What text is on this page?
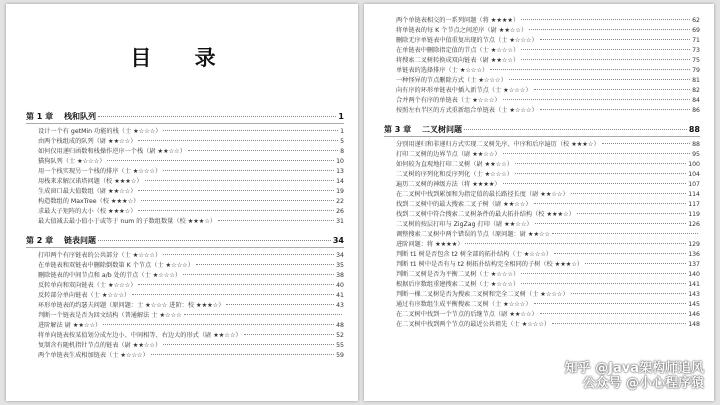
目 录
第 1 章	栈和队列	1
设计一个有 getMin 功能的栈（士 ★☆☆☆）	1
由两个栈组成的队列（尉 ★★☆☆）	5
如何仅用递归函数和栈操作逆序一个栈（尉 ★★☆☆）	8
猫狗队列（士 ★☆☆☆）	10
用一个栈实现另一个栈的排序（士 ★☆☆☆）	13
用栈来求解汉诺塔问题（校 ★★★☆）	14
生成窗口最大值数组（尉 ★★☆☆）	19
构造数组的 MaxTree（校 ★★★☆）	22
求最大子矩阵的大小（校 ★★★☆）	26
最大值减去最小值小于或等于 num 的子数组数量（校 ★★★☆）	31
第 2 章	链表问题	34
打印两个有序链表的公共部分（士 ★☆☆☆）	34
在单链表和双链表中删除倒数第 K 个节点（士 ★☆☆☆）	35
删除链表的中间节点和 a/b 处的节点（士 ★☆☆☆）	38
反转单向和双向链表（士 ★☆☆☆）	40
反转部分单向链表（士 ★☆☆☆）	41
环形单链表的约瑟夫问题（原问题：士 ★☆☆☆ 进阶：校 ★★★☆）	43
判断一个链表是否为回文结构（普通解法 士 ★☆☆☆
进阶解法 尉 ★★☆☆）	48
将单向链表按某值划分成左边小、中间相等、右边大的形式（尉 ★★☆☆）	52
复制含有随机指针节点的链表（尉 ★★☆☆）	55
两个单链表生成相加链表（士 ★☆☆☆）	59
两个单链表相交的一系列问题（将 ★★★★）	62
将单链表的每 K 个节点之间逆序（尉 ★★☆☆）	69
删除无序单链表中值重复出现的节点（士 ★☆☆☆）	71
在单链表中删除指定值的节点（士 ★☆☆☆）	73
将搜索二叉树转换成双向链表（尉 ★★☆☆）	75
单链表的选择排序（士 ★☆☆☆）	79
一种怪异的节点删除方式（士 ★☆☆☆）	81
向有序的环形单链表中插入新节点（士 ★☆☆☆）	82
合并两个有序的单链表（士 ★☆☆☆）	84
按照左右半区的方式重新组合单链表（士 ★☆☆☆）	86
第 3 章	二叉树问题	88
分别用递归和非递归方式实现二叉树先序、中序和后序遍历（校 ★★★☆）	88
打印二叉树的边界节点（尉 ★★☆☆）	95
如何较为直观地打印二叉树（尉 ★★☆☆）	100
二叉树的序列化和反序列化（士 ★☆☆☆）	104
遍历二叉树的神级方法（将 ★★★★）	107
在二叉树中找到累加和为指定值的最长路径长度（尉 ★★☆☆）	114
找到二叉树中的最大搜索二叉子树（尉 ★★☆☆）	117
找到二叉树中符合搜索二叉树条件的最大拓扑结构（校 ★★★☆）	119
二叉树的按层打印与 ZigZag 打印（尉 ★★☆☆）	126
调整搜索二叉树中两个错误的节点（原问题：尉 ★★☆☆
进阶问题：将 ★★★★）	129
判断 t1 树是否包含 t2 树全部的拓扑结构（士 ★☆☆☆）	136
判断 t1 树中是否有与 t2 树拓扑结构完全相同的子树（校 ★★★☆）	137
判断二叉树是否为平衡二叉树（士 ★☆☆☆）	140
根据后序数组重建搜索二叉树（士 ★☆☆☆）	141
判断一棵二叉树是否为搜索二叉树和完全二叉树（士 ★☆☆☆）	143
通过有序数组生成平衡搜索二叉树（士 ★☆☆☆）	145
在二叉树中找到一个节点的后继节点（尉 ★★☆☆）	146
在二叉树中找到两个节点的最近公共祖先（士 ★☆☆☆）	148
知乎 @Java架构师追风
公众号 @小心程序猿
